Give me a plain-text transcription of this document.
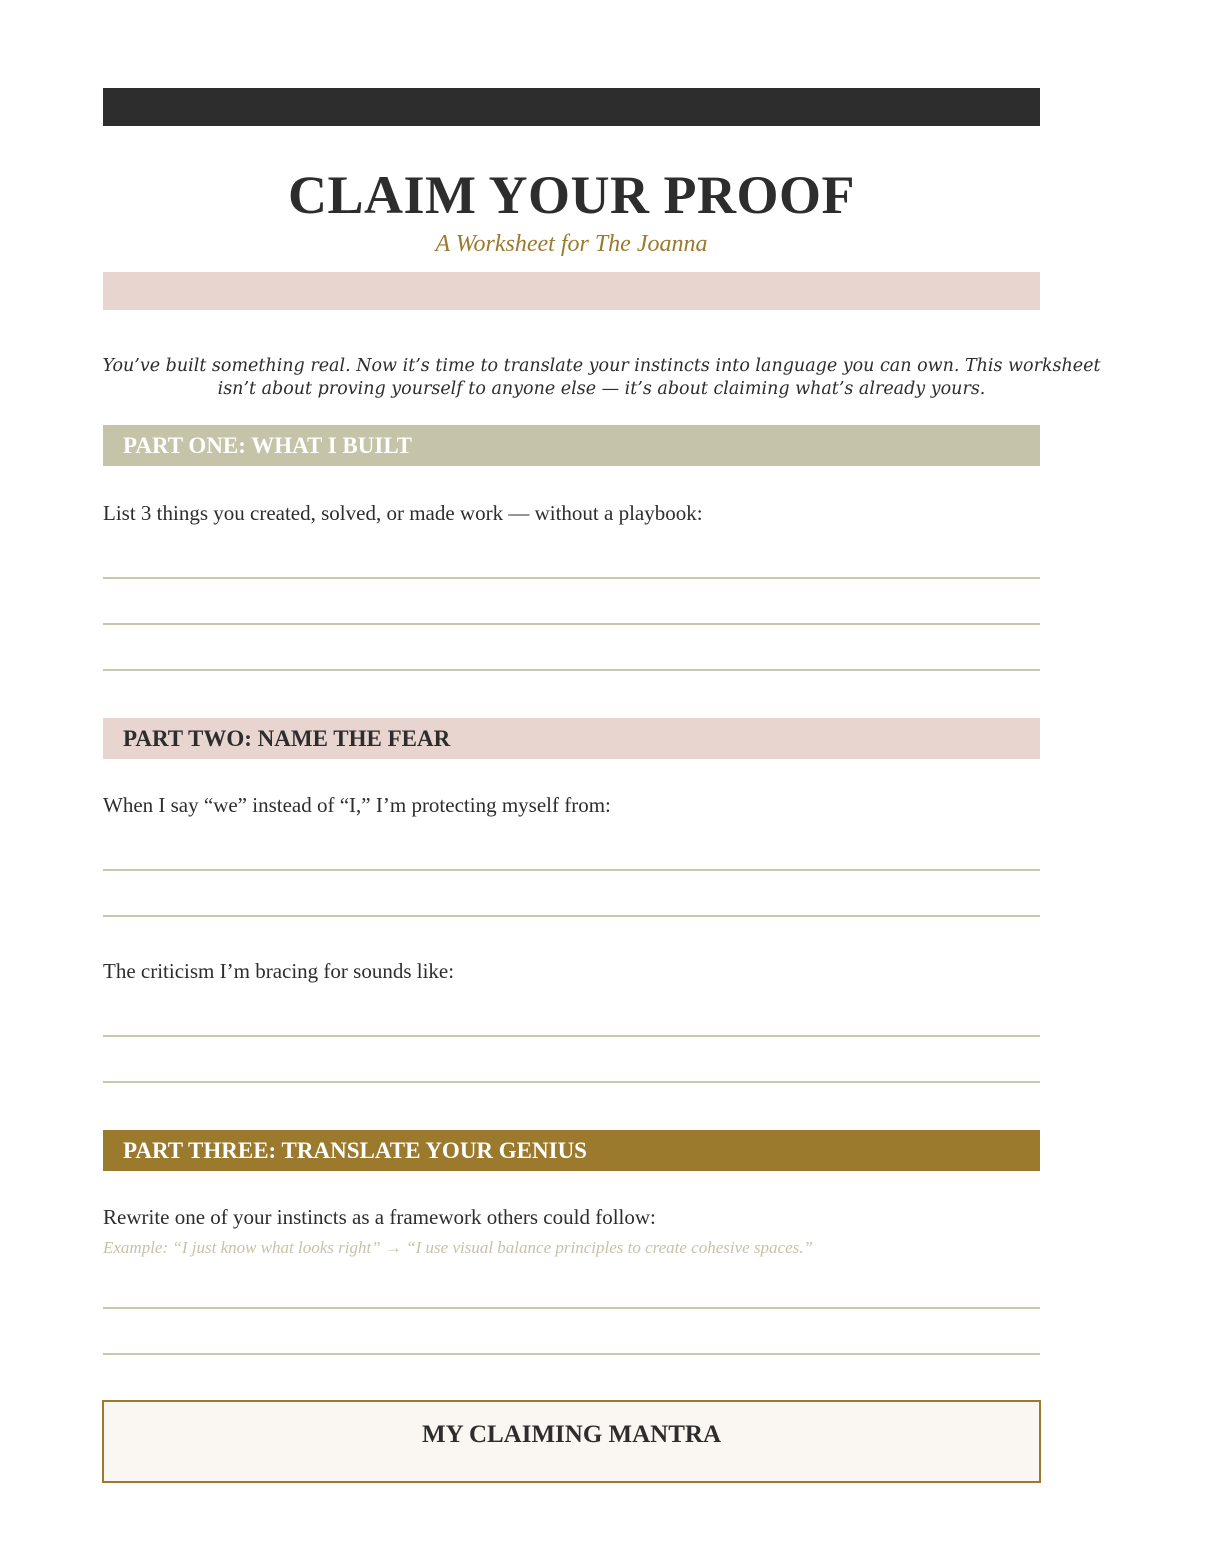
CLAIM YOUR PROOF
A Worksheet for The Joanna
You’ve built something real. Now it’s time to translate your instincts into language you can own. This worksheet isn’t about proving yourself to anyone else — it’s about claiming what’s already yours.
PART ONE: WHAT I BUILT
List 3 things you created, solved, or made work — without a playbook:
PART TWO: NAME THE FEAR
When I say “we” instead of “I,” I’m protecting myself from:
The criticism I’m bracing for sounds like:
PART THREE: TRANSLATE YOUR GENIUS
Rewrite one of your instincts as a framework others could follow:
Example: “I just know what looks right” → “I use visual balance principles to create cohesive spaces.”
MY CLAIMING MANTRA
